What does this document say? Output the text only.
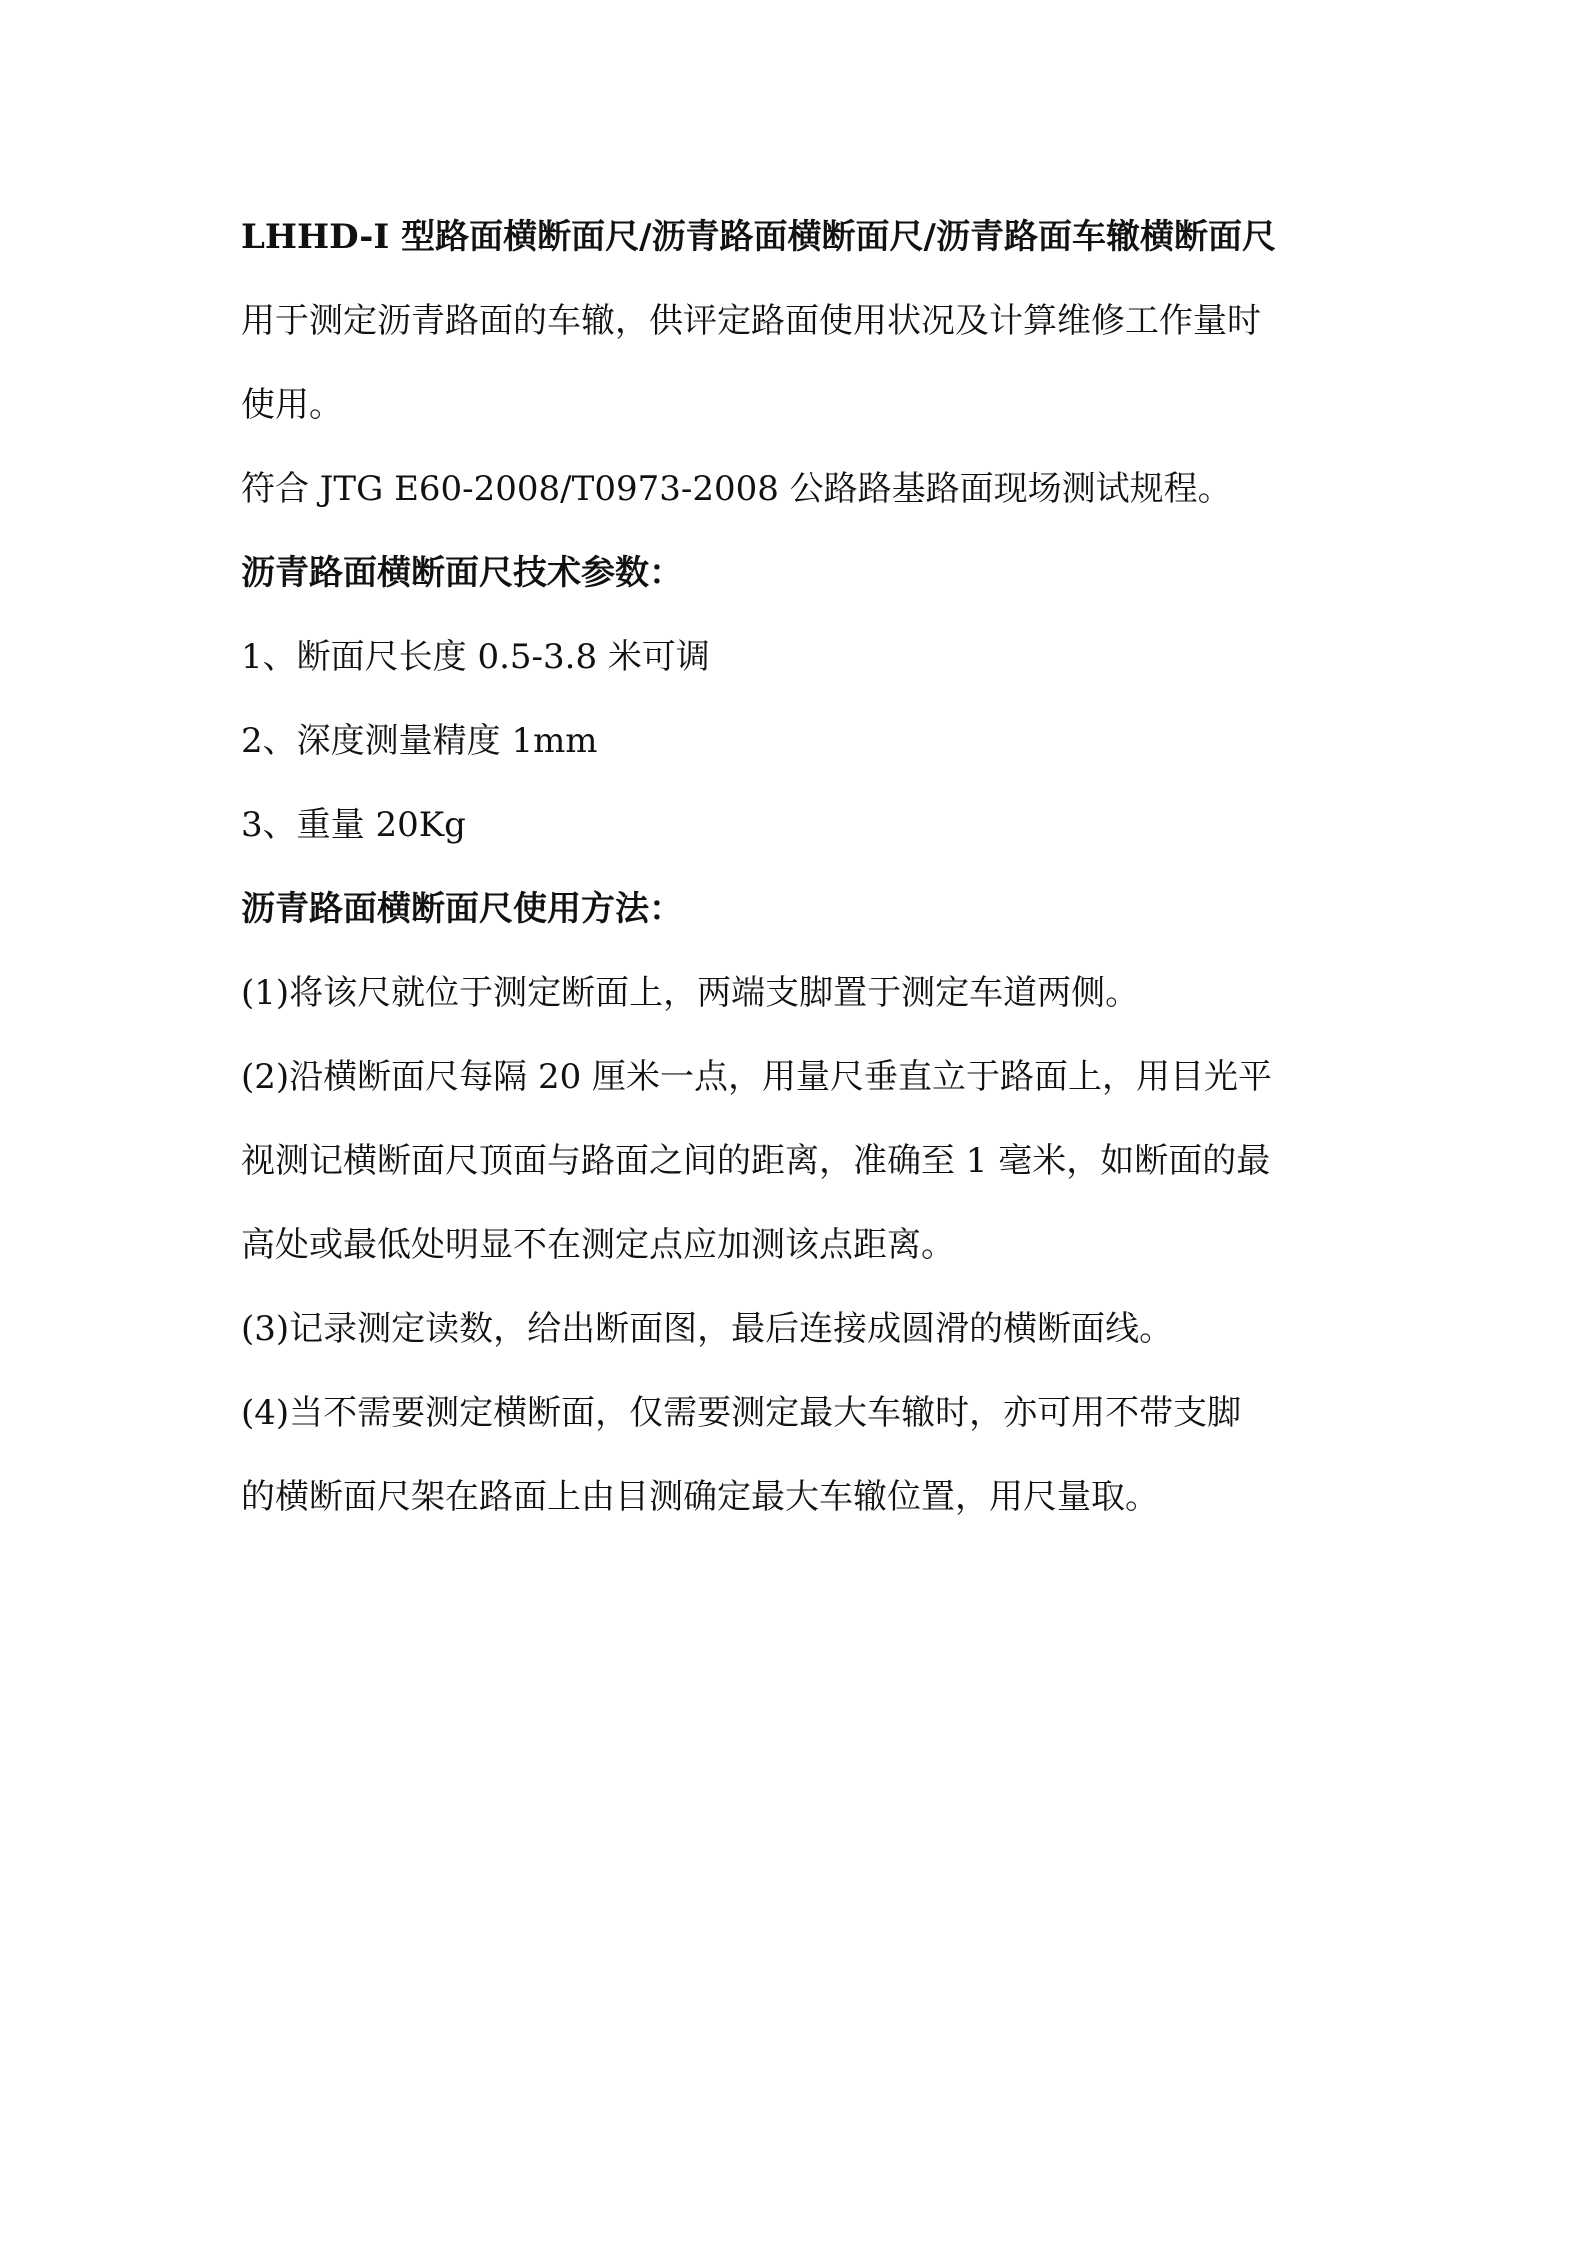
LHHD-I 型路面横断面尺/沥青路面横断面尺/沥青路面车辙横断面尺
用于测定沥青路面的车辙，供评定路面使用状况及计算维修工作量时
使用。
符合 JTG E60-2008/T0973-2008 公路路基路面现场测试规程。
沥青路面横断面尺技术参数：
1、断面尺长度 0.5-3.8 米可调
2、深度测量精度 1mm
3、重量 20Kg
沥青路面横断面尺使用方法：
(1)将该尺就位于测定断面上，两端支脚置于测定车道两侧。
(2)沿横断面尺每隔 20 厘米一点，用量尺垂直立于路面上，用目光平
视测记横断面尺顶面与路面之间的距离，准确至 1 毫米，如断面的最
高处或最低处明显不在测定点应加测该点距离。
(3)记录测定读数，给出断面图，最后连接成圆滑的横断面线。
(4)当不需要测定横断面，仅需要测定最大车辙时，亦可用不带支脚
的横断面尺架在路面上由目测确定最大车辙位置，用尺量取。
